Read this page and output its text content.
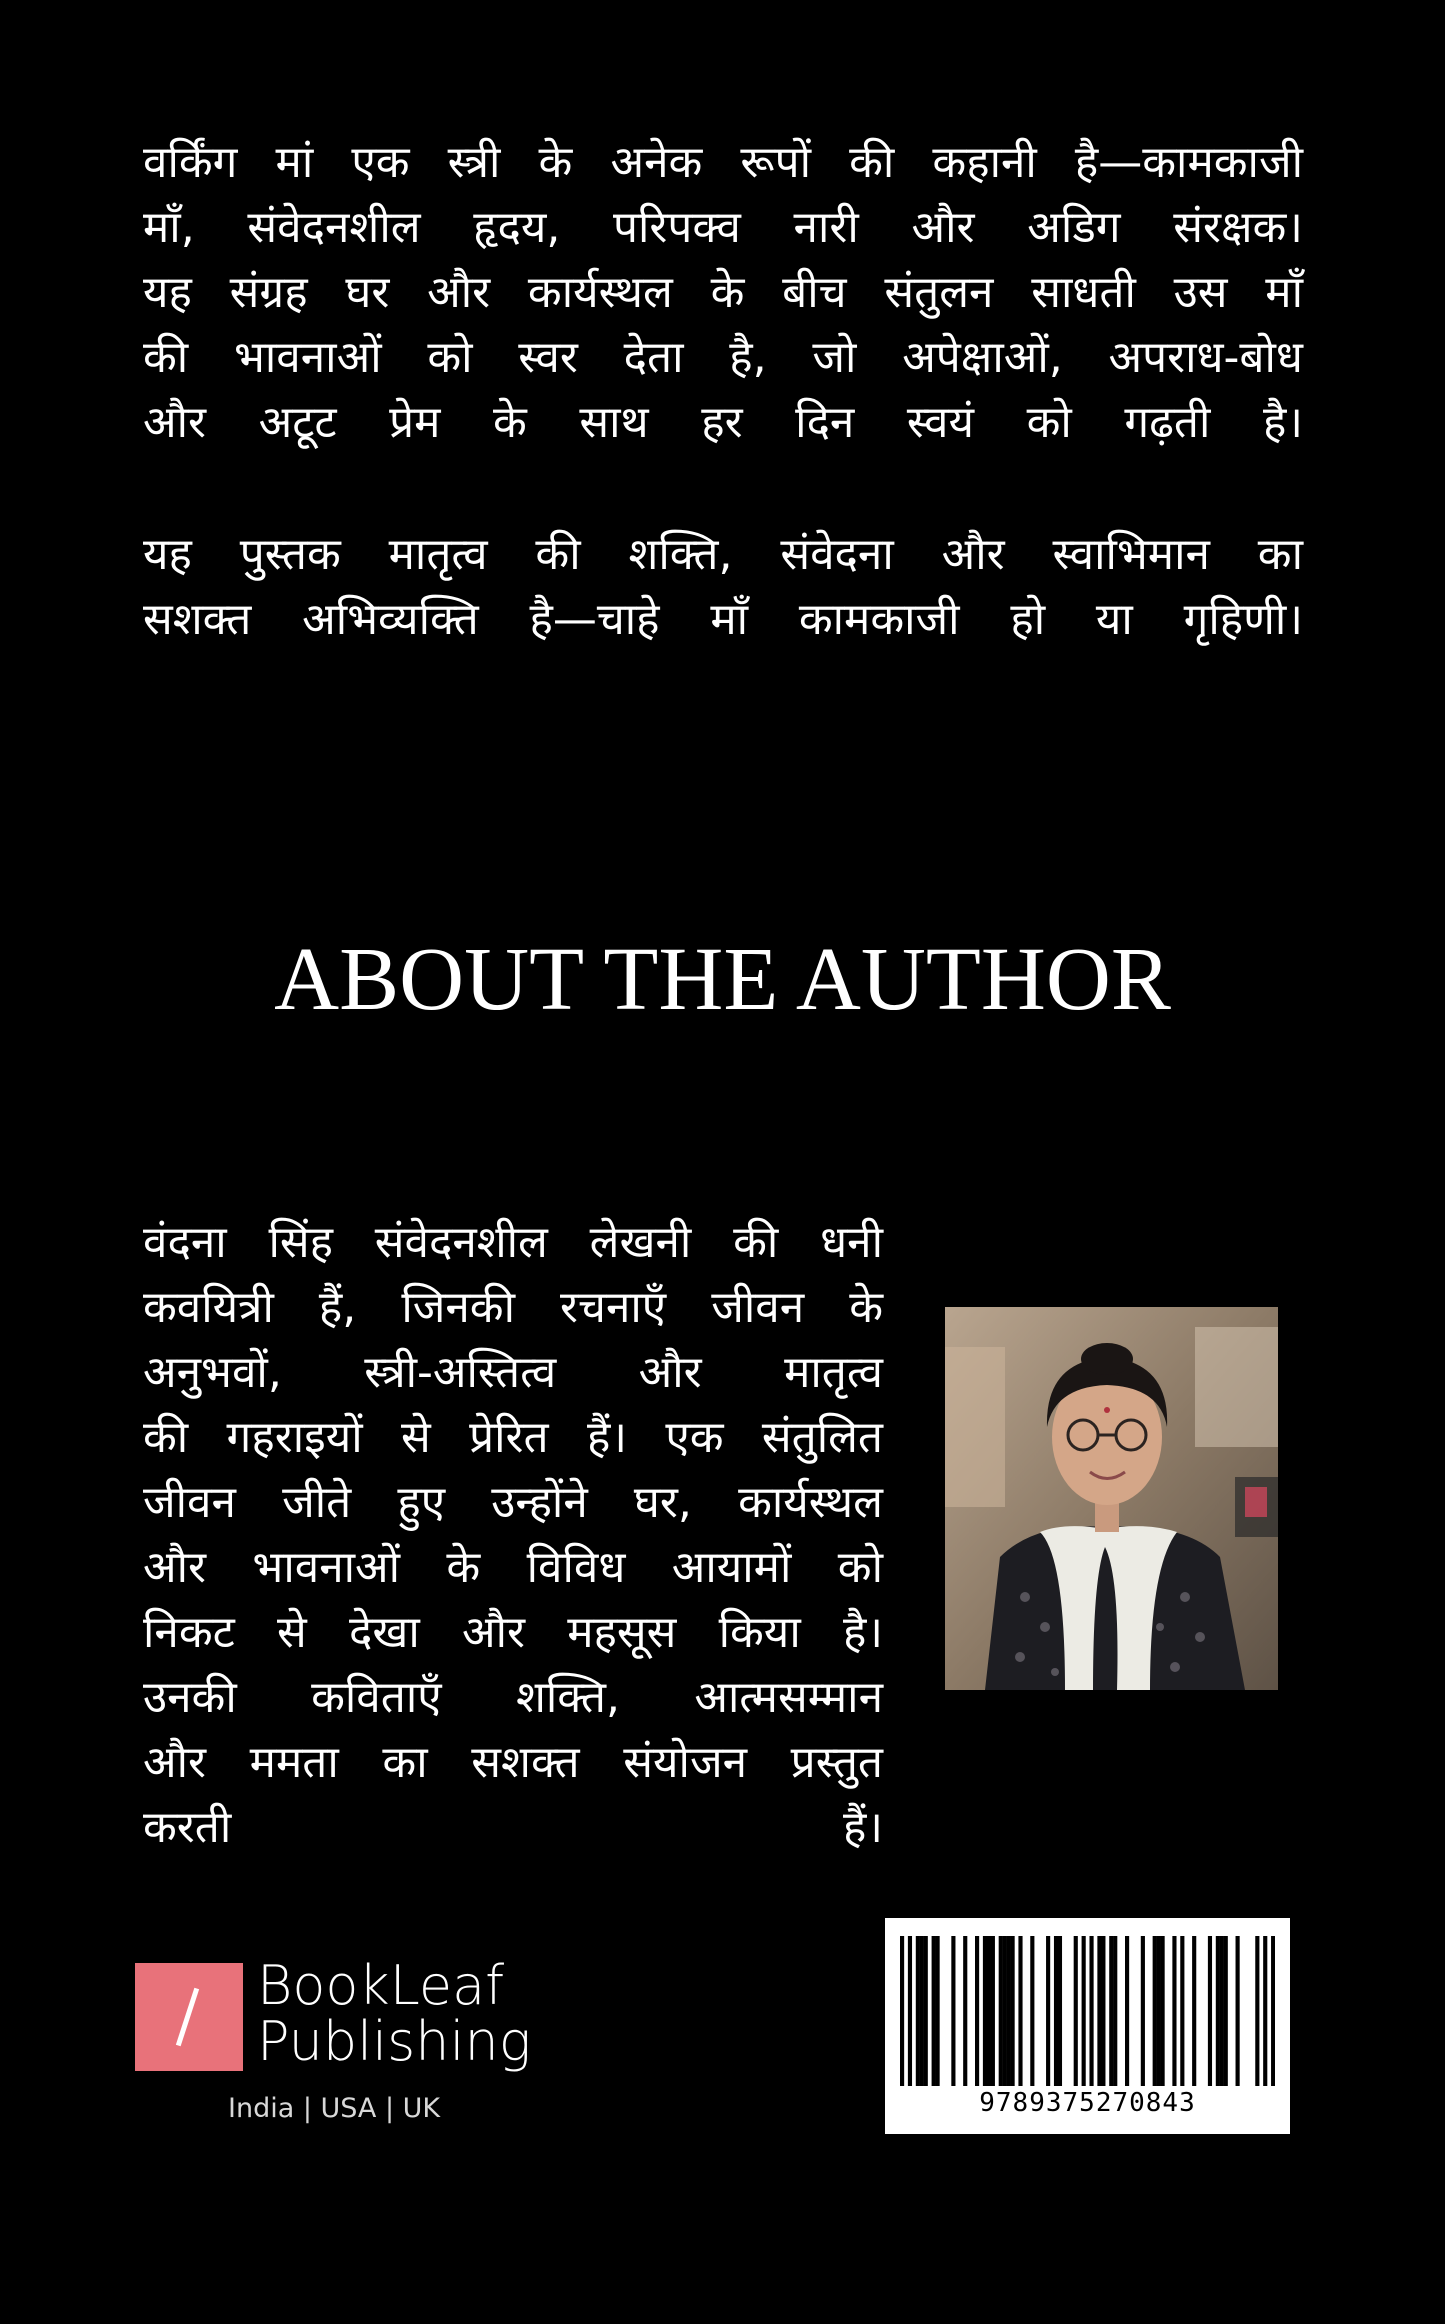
वर्किंग मां एक स्त्री के अनेक रूपों की कहानी है—कामकाजी
माँ, संवेदनशील हृदय, परिपक्व नारी और अडिग संरक्षक।
यह संग्रह घर और कार्यस्थल के बीच संतुलन साधती उस माँ
की भावनाओं को स्वर देता है, जो अपेक्षाओं, अपराध-बोध
और अटूट प्रेम के साथ हर दिन स्वयं को गढ़ती है।
यह पुस्तक मातृत्व की शक्ति, संवेदना और स्वाभिमान का
सशक्त अभिव्यक्ति है—चाहे माँ कामकाजी हो या गृहिणी।
ABOUT THE AUTHOR
वंदना सिंह संवेदनशील लेखनी की धनी
कवयित्री हैं, जिनकी रचनाएँ जीवन के
अनुभवों, स्त्री-अस्तित्व और मातृत्व
की गहराइयों से प्रेरित हैं। एक संतुलित
जीवन जीते हुए उन्होंने घर, कार्यस्थल
और भावनाओं के विविध आयामों को
निकट से देखा और महसूस किया है।
उनकी कविताएँ शक्ति, आत्मसम्मान
और ममता का सशक्त संयोजन प्रस्तुत
करती हैं।
BookLeaf
Publishing
India | USA | UK	9789375270843
